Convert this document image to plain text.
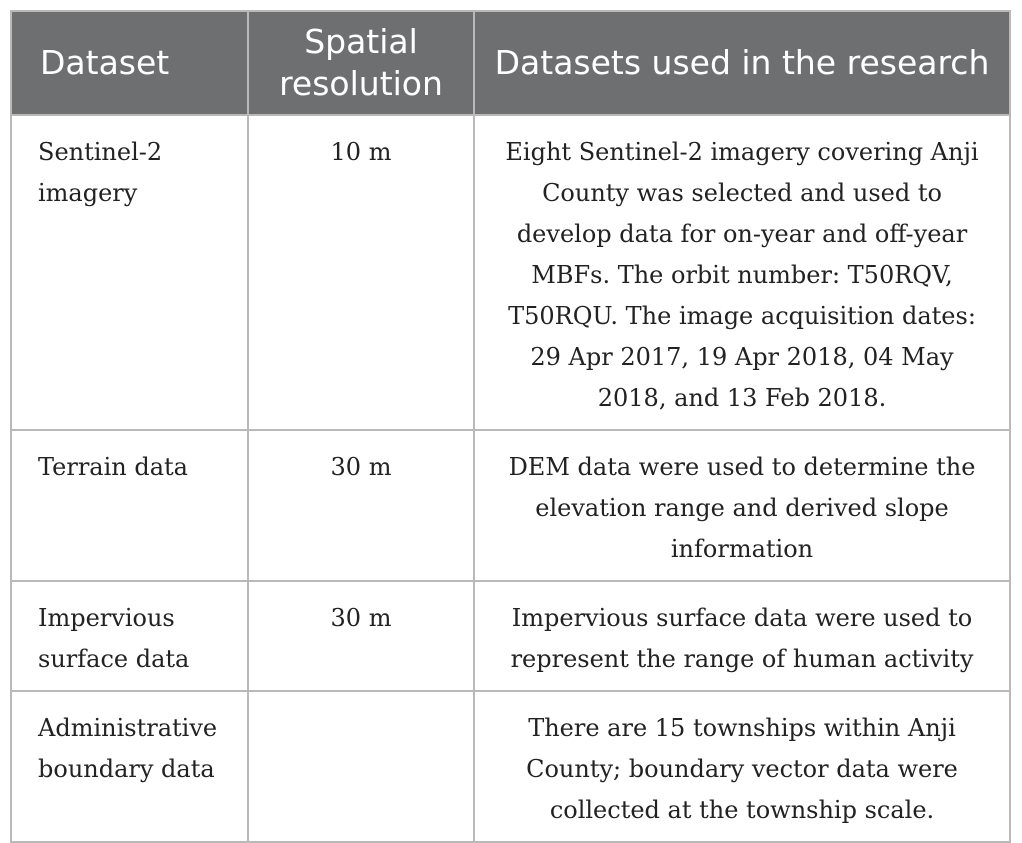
Dataset	Spatial resolution	Datasets used in the research
Sentinel-2 imagery	10 m	Eight Sentinel-2 imagery covering Anji County was selected and used to develop data for on-year and off-year MBFs. The orbit number: T50RQV, T50RQU. The image acquisition dates: 29 Apr 2017, 19 Apr 2018, 04 May 2018, and 13 Feb 2018.
Terrain data	30 m	DEM data were used to determine the elevation range and derived slope information
Impervious surface data	30 m	Impervious surface data were used to represent the range of human activity
Administrative boundary data		There are 15 townships within Anji County; boundary vector data were collected at the township scale.
